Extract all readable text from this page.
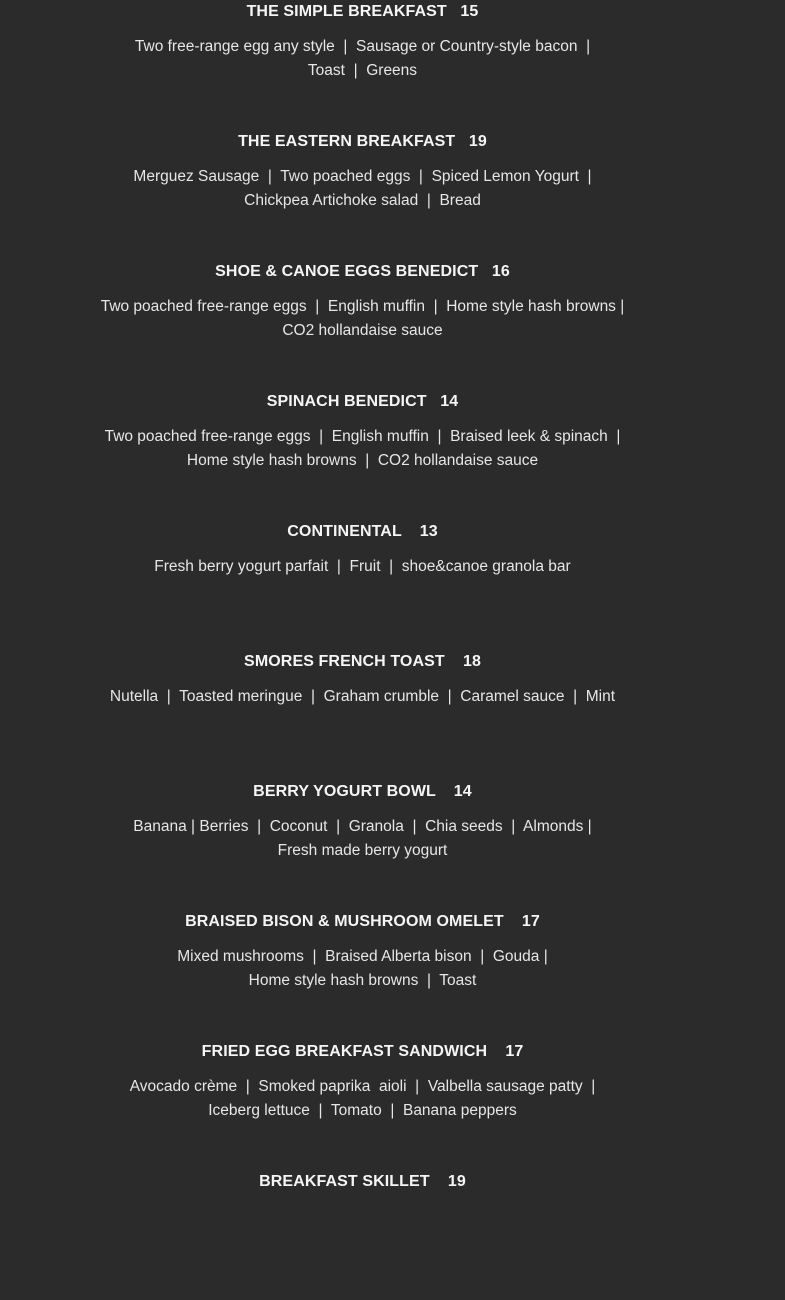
THE SIMPLE BREAKFAST   15
Two free-range egg any style  |  Sausage or Country-style bacon  |
Toast  |  Greens
THE EASTERN BREAKFAST   19
Merguez Sausage  |  Two poached eggs  |  Spiced Lemon Yogurt  |
Chickpea Artichoke salad  |  Bread
SHOE & CANOE EGGS BENEDICT   16
Two poached free-range eggs  |  English muffin  |  Home style hash browns |
CO2 hollandaise sauce
SPINACH BENEDICT   14
Two poached free-range eggs  |  English muffin  |  Braised leek & spinach  |
Home style hash browns  |  CO2 hollandaise sauce
CONTINENTAL    13
Fresh berry yogurt parfait  |  Fruit  |  shoe&canoe granola bar
SMORES FRENCH TOAST    18
Nutella  |  Toasted meringue  |  Graham crumble  |  Caramel sauce  |  Mint
BERRY YOGURT BOWL    14
Banana | Berries  |  Coconut  |  Granola  |  Chia seeds  |  Almonds |
Fresh made berry yogurt
BRAISED BISON & MUSHROOM OMELET    17
Mixed mushrooms  |  Braised Alberta bison  |  Gouda |
Home style hash browns  |  Toast
FRIED EGG BREAKFAST SANDWICH    17
Avocado crème  |  Smoked paprika  aioli  |  Valbella sausage patty  |
Iceberg lettuce  |  Tomato  |  Banana peppers
BREAKFAST SKILLET    19
